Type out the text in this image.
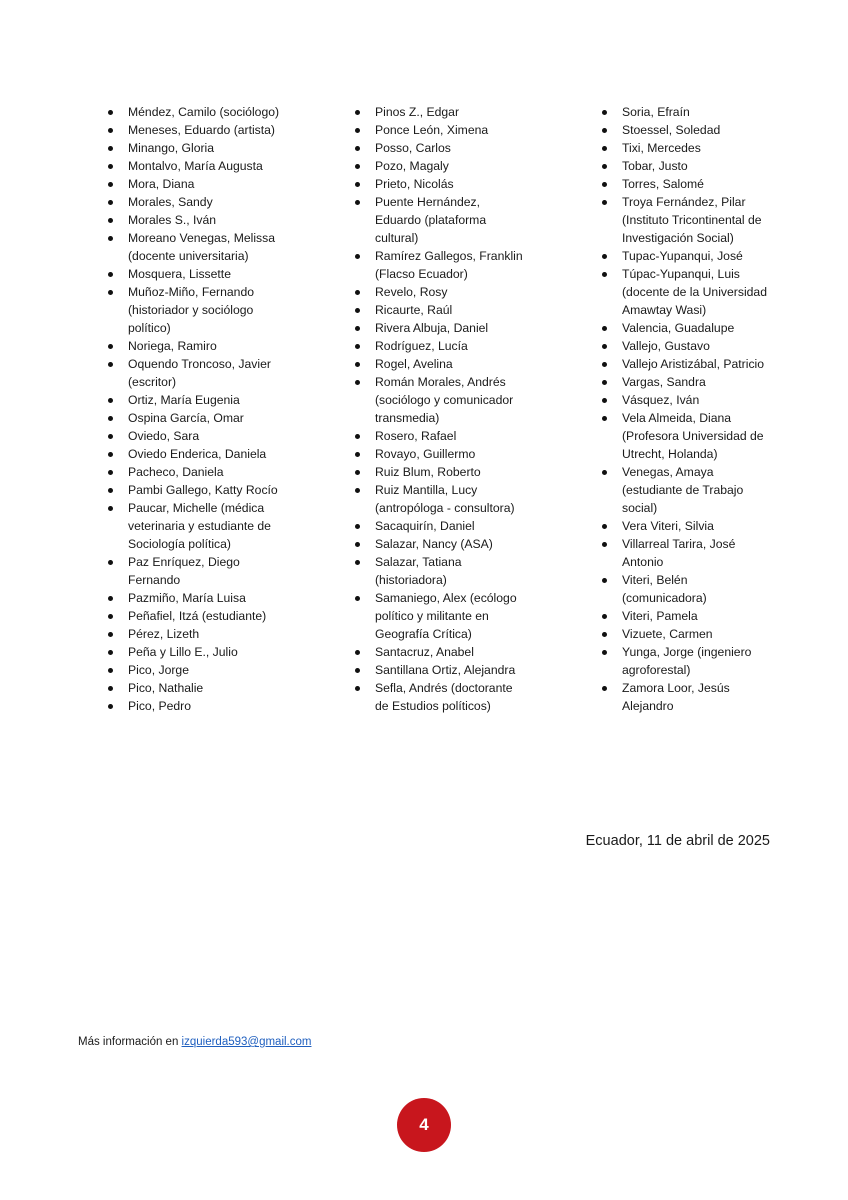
Méndez, Camilo (sociólogo)
Meneses, Eduardo (artista)
Minango, Gloria
Montalvo, María Augusta
Mora, Diana
Morales, Sandy
Morales S., Iván
Moreano Venegas, Melissa (docente universitaria)
Mosquera, Lissette
Muñoz-Miño, Fernando (historiador y sociólogo político)
Noriega, Ramiro
Oquendo Troncoso, Javier (escritor)
Ortiz, María Eugenia
Ospina García, Omar
Oviedo, Sara
Oviedo Enderica, Daniela
Pacheco, Daniela
Pambi Gallego, Katty Rocío
Paucar, Michelle (médica veterinaria y estudiante de Sociología política)
Paz Enríquez, Diego Fernando
Pazmiño, María Luisa
Peñafiel, Itzá (estudiante)
Pérez, Lizeth
Peña y Lillo E., Julio
Pico, Jorge
Pico, Nathalie
Pico, Pedro
Pinos Z., Edgar
Ponce León, Ximena
Posso, Carlos
Pozo, Magaly
Prieto, Nicolás
Puente Hernández, Eduardo (plataforma cultural)
Ramírez Gallegos, Franklin (Flacso Ecuador)
Revelo, Rosy
Ricaurte, Raúl
Rivera Albuja, Daniel
Rodríguez, Lucía
Rogel, Avelina
Román Morales, Andrés (sociólogo y comunicador transmedia)
Rosero, Rafael
Rovayo, Guillermo
Ruiz Blum, Roberto
Ruiz Mantilla, Lucy (antropóloga - consultora)
Sacaquirín, Daniel
Salazar, Nancy (ASA)
Salazar, Tatiana (historiadora)
Samaniego, Alex (ecólogo político y militante en Geografía Crítica)
Santacruz, Anabel
Santillana Ortiz, Alejandra
Sefla, Andrés (doctorante de Estudios políticos)
Soria, Efraín
Stoessel, Soledad
Tixi, Mercedes
Tobar, Justo
Torres, Salomé
Troya Fernández, Pilar (Instituto Tricontinental de Investigación Social)
Tupac-Yupanqui, José
Túpac-Yupanqui, Luis (docente de la Universidad Amawtay Wasi)
Valencia, Guadalupe
Vallejo, Gustavo
Vallejo Aristizábal, Patricio
Vargas, Sandra
Vásquez, Iván
Vela Almeida, Diana (Profesora Universidad de Utrecht, Holanda)
Venegas, Amaya (estudiante de Trabajo social)
Vera Viteri, Silvia
Villarreal Tarira, José Antonio
Viteri, Belén (comunicadora)
Viteri, Pamela
Vizuete, Carmen
Yunga, Jorge (ingeniero agroforestal)
Zamora Loor, Jesús Alejandro
Ecuador, 11 de abril de 2025
Más información en izquierda593@gmail.com
4
